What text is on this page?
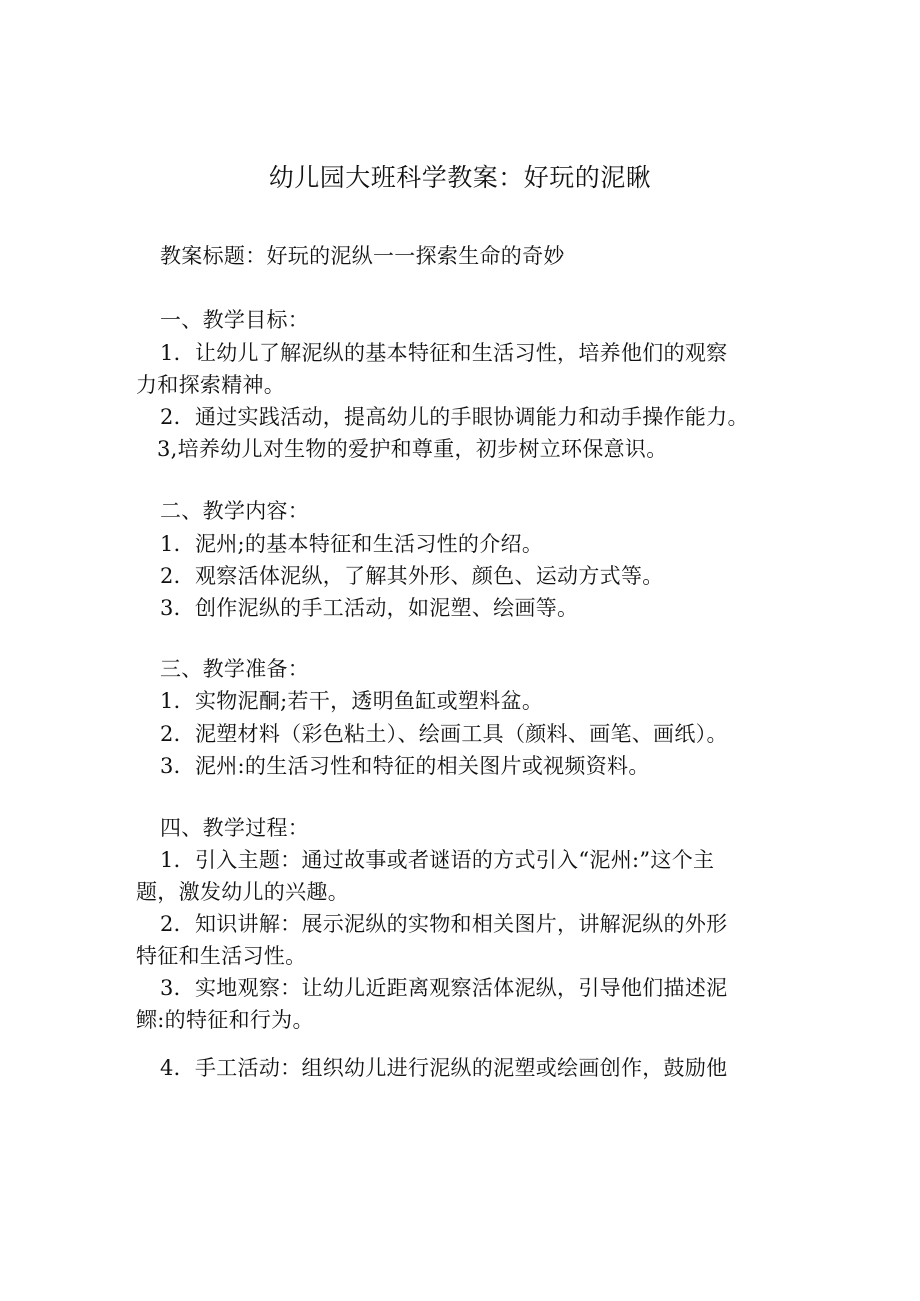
幼儿园大班科学教案：好玩的泥瞅
教案标题：好玩的泥纵一一探索生命的奇妙
一、教学目标：
1．让幼儿了解泥纵的基本特征和生活习性，培养他们的观察
力和探索精神。
2．通过实践活动，提高幼儿的手眼协调能力和动手操作能力。
3,培养幼儿对生物的爱护和尊重，初步树立环保意识。
二、教学内容：
1．泥州;的基本特征和生活习性的介绍。
2．观察活体泥纵，了解其外形、颜色、运动方式等。
3．创作泥纵的手工活动，如泥塑、绘画等。
三、教学准备：
1．实物泥酮;若干，透明鱼缸或塑料盆。
2．泥塑材料（彩色粘土）、绘画工具（颜料、画笔、画纸）。
3．泥州:的生活习性和特征的相关图片或视频资料。
四、教学过程：
1．引入主题：通过故事或者谜语的方式引入“泥州:”这个主
题，激发幼儿的兴趣。
2．知识讲解：展示泥纵的实物和相关图片，讲解泥纵的外形
特征和生活习性。
3．实地观察：让幼儿近距离观察活体泥纵，引导他们描述泥
鳏:的特征和行为。
4．手工活动：组织幼儿进行泥纵的泥塑或绘画创作，鼓励他
